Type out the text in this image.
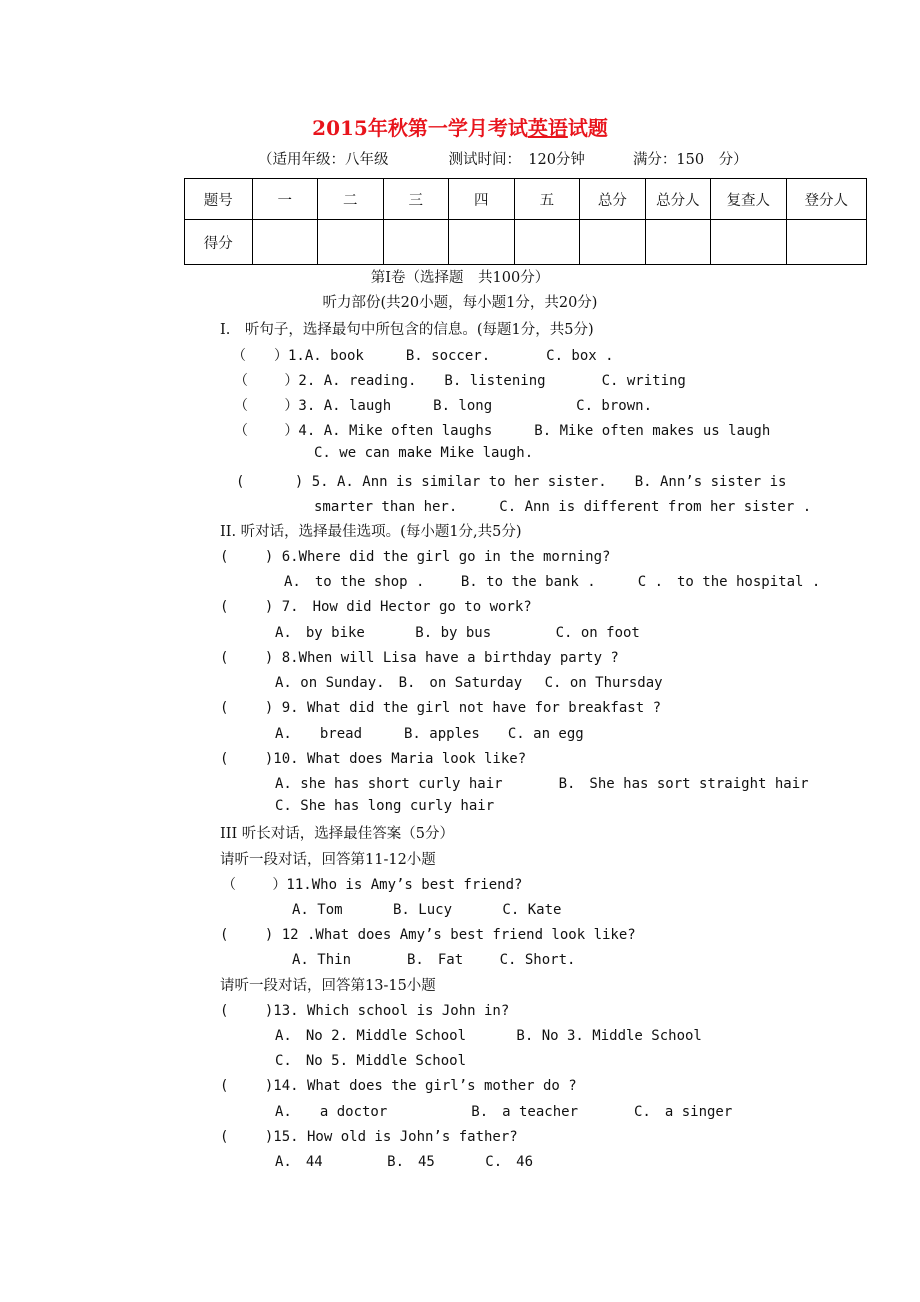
2015年秋第一学月考试英语试题
（适用年级：八年级	测试时间：　120分钟	满分：150　分）
题号	一	二	三	四	五	总分	总分人	复查人	登分人
得分									
第Ⅰ卷（选择题　共100分）
听力部份(共20小题，每小题1分，共20分)
I.　听句子，选择最句中所包含的信息。(每题1分，共5分)
（　　）1.A. book　　　B. soccer.　　　　C. box .
（　　 ）2. A. reading.　　B. listening　　　　C. writing
（　　 ）3. A. laugh　　　B. long　　　　　　C. brown.
（　　 ）4. A. Mike often laughs　　　B. Mike often makes us laugh
C. we can make Mike laugh.
(　　　 ) 5. A. Ann is similar to her sister.　　B. Ann’s sister is
smarter than her.　　　C. Ann is different from her sister .
II. 听对话，选择最佳选项。(每小题1分,共5分)
(　　 ) 6.Where did the girl go in the morning?
A.　to the shop .　　 B. to the bank .　　　C .　to the hospital .
(　　 ) 7.　How did Hector go to work?
A.　by bike　　　 B. by bus　　　　 C. on foot
(　　 ) 8.When will Lisa have a birthday party ?
A. on Sunday.　B.　on Saturday　 C. on Thursday
(　　 ) 9. What did the girl not have for breakfast ?
A.　　bread　　　B. apples　　C. an egg
(　　 )10. What does Maria look like?
A. she has short curly hair　　　　B.　She has sort straight hair
C. She has long curly hair
III 听长对话，选择最佳答案（5分）
请听一段对话，回答第11-12小题
（　　 ）11.Who is Amy’s best friend?
A. Tom　　　 B. Lucy　　　 C. Kate
(　　 ) 12 .What does Amy’s best friend look like?
A. Thin　　　　B.　Fat　　 C. Short.
请听一段对话，回答第13-15小题
(　　 )13. Which school is John in?
A.　No 2. Middle School　　　 B. No 3. Middle School
C.　No 5. Middle School
(　　 )14. What does the girl’s mother do ?
A.　　a doctor　　　　　　B.　a teacher　　　　C.　a singer
(　　 )15. How old is John’s father?
A.　44　　　　 B.　45　　　 C.　46
